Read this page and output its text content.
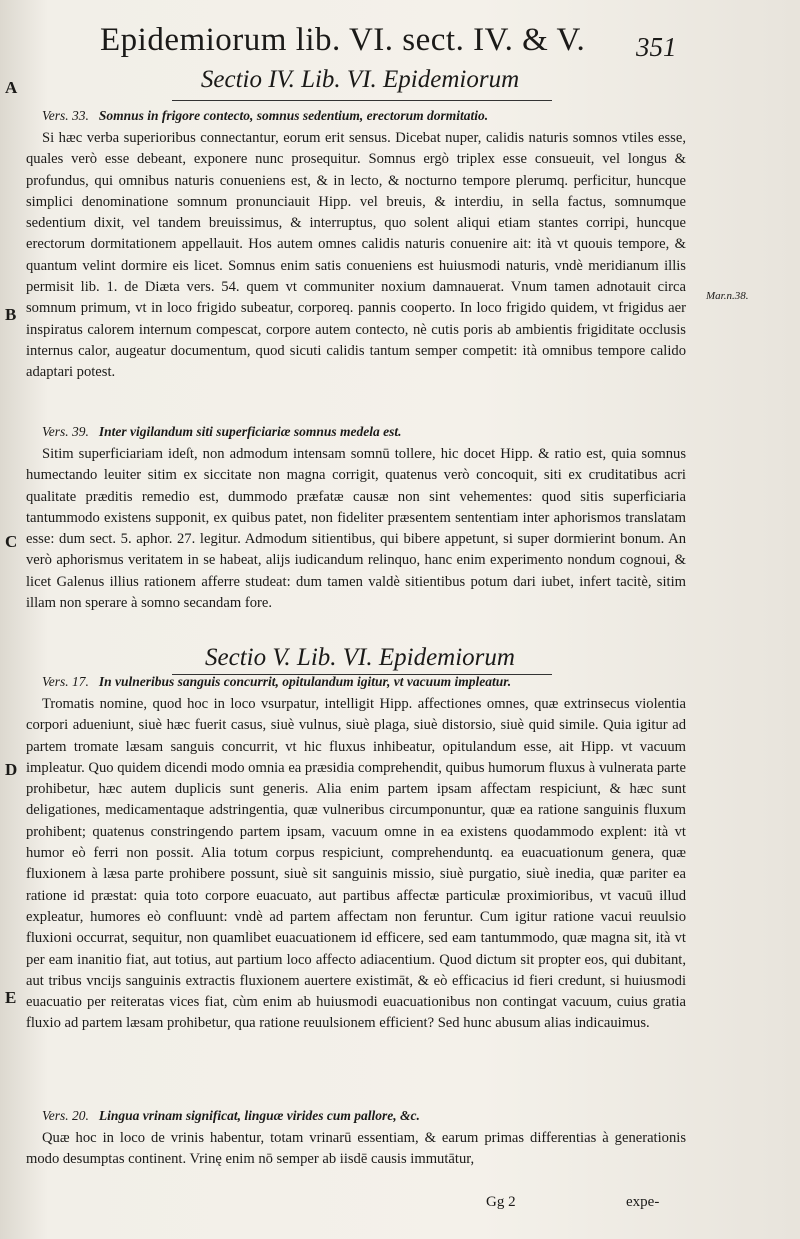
Epidemiorum lib. VI. sect. IV. & V.	351
A
B
C
D
E
Mar.n.38.
Sectio IV. Lib. VI. Epidemiorum
Vers. 33. Somnus in frigore contecto, somnus sedentium, erectorum dormitatio.
Si hæc verba superioribus connectantur, eorum erit sensus. Dicebat nuper, calidis naturis somnos vtiles esse, quales verò esse debeant, exponere nunc prosequitur. Somnus ergò triplex esse consueuit, vel longus & profundus, qui omnibus naturis conueniens est, & in lecto, & nocturno tempore plerumq. perficitur, huncque simplici denominatione somnum pronunciauit Hipp. vel breuis, & interdiu, in sella factus, somnumque sedentium dixit, vel tandem breuissimus, & interruptus, quo solent aliqui etiam stantes corripi, huncque erectorum dormitationem appellauit. Hos autem omnes calidis naturis conuenire ait: ità vt quouis tempore, & quantum velint dormire eis licet. Somnus enim satis conueniens est huiusmodi naturis, vndè meridianum illis permisit lib. 1. de Diæta vers. 54. quem vt communiter noxium damnauerat. Vnum tamen adnotauit circa somnum primum, vt in loco frigido subeatur, corporeq. pannis cooperto. In loco frigido quidem, vt frigidus aer inspiratus calorem internum compescat, corpore autem contecto, nè cutis poris ab ambientis frigiditate occlusis internus calor, augeatur documentum, quod sicuti calidis tantum semper competit: ità omnibus tempore calido adaptari potest.
Vers. 39. Inter vigilandum siti superficiariæ somnus medela est.
Sitim superficiariam ideſt, non admodum intensam somnū tollere, hic docet Hipp. & ratio est, quia somnus humectando leuiter sitim ex siccitate non magna corrigit, quatenus verò concoquit, siti ex cruditatibus acri qualitate præditis remedio est, dummodo præfatæ causæ non sint vehementes: quod sitis superficiaria tantummodo existens supponit, ex quibus patet, non fideliter præsentem sententiam inter aphorismos translatam esse: dum sect. 5. aphor. 27. legitur. Admodum sitientibus, qui bibere appetunt, si super dormierint bonum. An verò aphorismus veritatem in se habeat, alijs iudicandum relinquo, hanc enim experimento nondum cognoui, & licet Galenus illius rationem afferre studeat: dum tamen valdè sitientibus potum dari iubet, infert tacitè, sitim illam non sperare à somno secandam fore.
Sectio V. Lib. VI. Epidemiorum
Vers. 17. In vulneribus sanguis concurrit, opitulandum igitur, vt vacuum impleatur.
Tromatis nomine, quod hoc in loco vsurpatur, intelligit Hipp. affectiones omnes, quæ extrinsecus violentia corpori adueniunt, siuè hæc fuerit casus, siuè vulnus, siuè plaga, siuè distorsio, siuè quid simile. Quia igitur ad partem tromate læsam sanguis concurrit, vt hic fluxus inhibeatur, opitulandum esse, ait Hipp. vt vacuum impleatur. Quo quidem dicendi modo omnia ea præsidia comprehendit, quibus humorum fluxus à vulnerata parte prohibetur, hæc autem duplicis sunt generis. Alia enim partem ipsam affectam respiciunt, & hæc sunt deligationes, medicamentaque adstringentia, quæ vulneribus circumponuntur, quæ ea ratione sanguinis fluxum prohibent; quatenus constringendo partem ipsam, vacuum omne in ea existens quodammodo explent: ità vt humor eò ferri non possit. Alia totum corpus respiciunt, comprehenduntq. ea euacuationum genera, quæ fluxionem à læsa parte prohibere possunt, siuè sit sanguinis missio, siuè purgatio, siuè inedia, quæ pariter ea ratione id præstat: quia toto corpore euacuato, aut partibus affectæ particulæ proximioribus, vt vacuū illud expleatur, humores eò confluunt: vndè ad partem affectam non feruntur. Cum igitur ratione vacui reuulsio fluxioni occurrat, sequitur, non quamlibet euacuationem id efficere, sed eam tantummodo, quæ magna sit, ità vt per eam inanitio fiat, aut totius, aut partium loco affecto adiacentium. Quod dictum sit propter eos, qui dubitant, aut tribus vncijs sanguinis extractis fluxionem auertere existimāt, & eò efficacius id fieri credunt, si huiusmodi euacuatio per reiteratas vices fiat, cùm enim ab huiusmodi euacuationibus non contingat vacuum, cuius gratia fluxio ad partem læsam prohibetur, qua ratione reuulsionem efficient? Sed hunc abusum alias indicauimus.
Vers. 20. Lingua vrinam significat, linguæ virides cum pallore, &c.
Quæ hoc in loco de vrinis habentur, totam vrinarū essentiam, & earum primas differentias à generationis modo desumptas continent. Vrinę enim nō semper ab iisdē causis immutātur,
Gg 2	expe-
